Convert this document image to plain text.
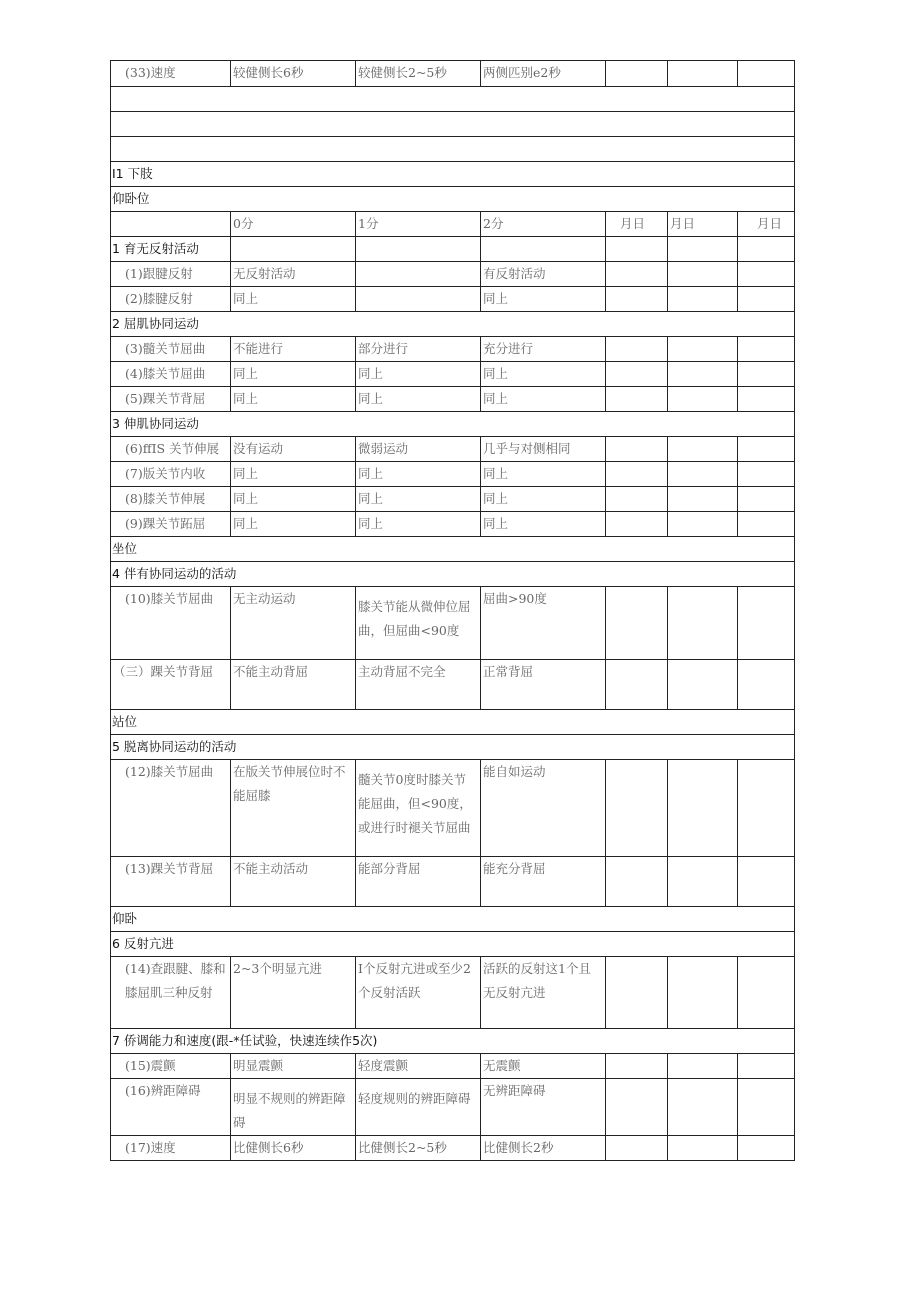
(33)速度	较健侧长6秒	较健侧长2~5秒	两侧匹别e2秒			

I1 下肢						
仰卧位						
	0分	1分	2分	月日	月日	月日
1 育无反射活动						
(1)跟腱反射	无反射活动		有反射活动			
(2)膝腱反射	同上		同上			
2 屈肌协同运动						
(3)髓关节屈曲	不能进行	部分进行	充分进行			
(4)膝关节屈曲	同上	同上	同上			
(5)踝关节背屈	同上	同上	同上			
3 伸肌协同运动						
(6)ffIS 关节伸展	没有运动	微弱运动	几乎与对侧相同			
(7)版关节内收	同上	同上	同上			
(8)膝关节伸展	同上	同上	同上			
(9)踝关节跖屈	同上	同上	同上			
坐位						
4 伴有协同运动的活动						
(10)膝关节屈曲	无主动运动	膝关节能从微伸位屈曲，但屈曲<90度	屈曲>90度			
（三）踝关节背屈	不能主动背屈	主动背屈不完全	正常背屈			
站位						
5 脱离协同运动的活动						
(12)膝关节屈曲	在版关节伸展位时不能屈膝	髓关节0度时膝关节能屈曲，但<90度，或进行时褪关节屈曲	能自如运动			
(13)踝关节背屈	不能主动活动	能部分背屈	能充分背屈			
仰卧						
6 反射亢进						
(14)查跟腱、膝和膝屈肌三种反射	2~3个明显亢进	I个反射亢进或至少2个反射活跃	活跃的反射这1个且无反射亢进			
7 侨调能力和速度(跟-*任试验，快速连续作5次)						
(15)震颤	明显震颤	轻度震颤	无震颤			
(16)辨距障碍	明显不规则的辨距障碍	轻度规则的辨距障碍	无辨距障碍			
(17)速度	比健侧长6秒	比健侧长2~5秒	比健侧长2秒			
